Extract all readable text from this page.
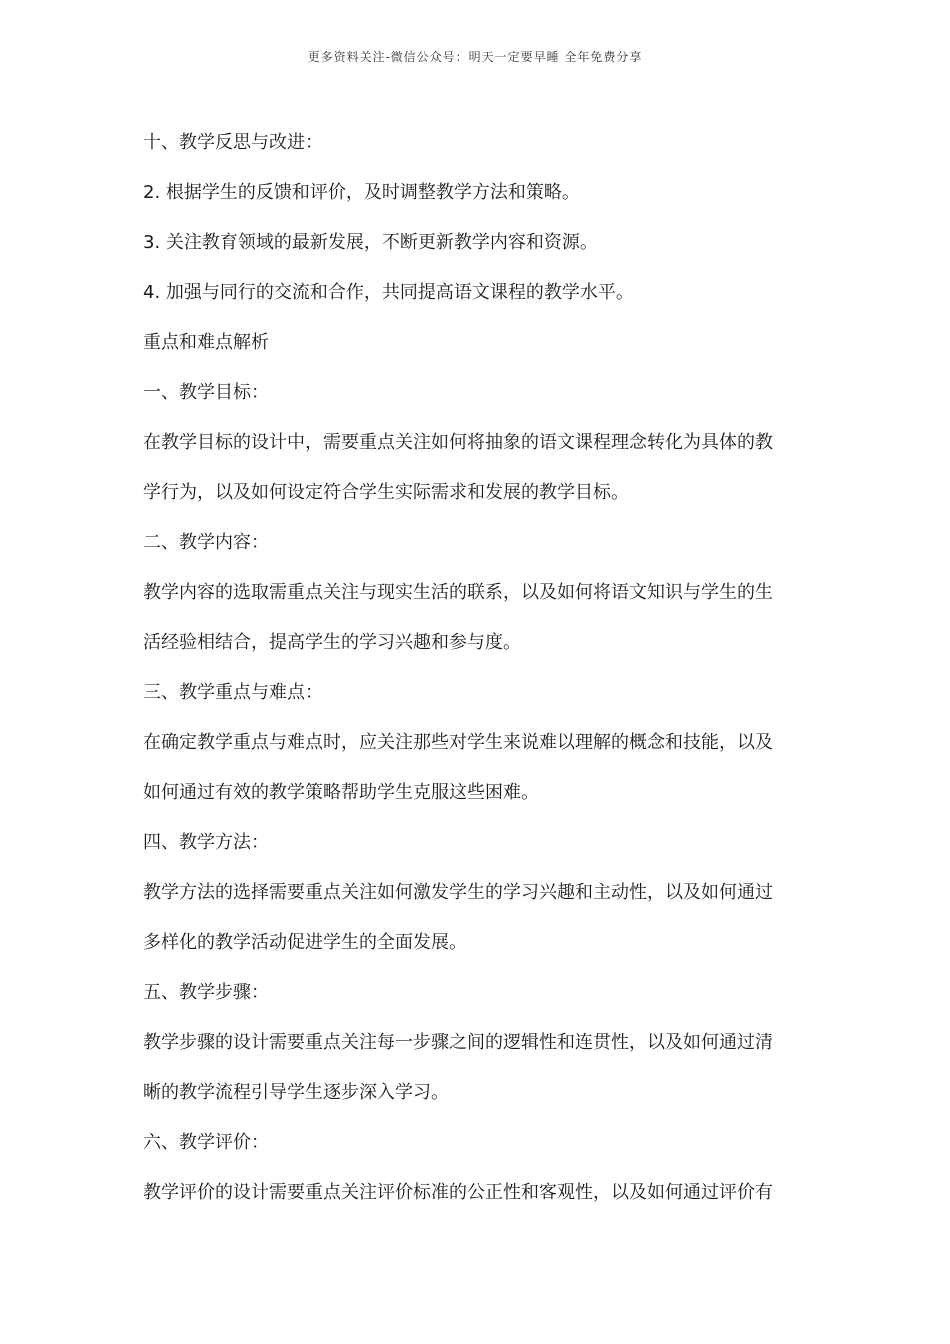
更多资料关注-微信公众号：明天一定要早睡 全年免费分享
十、教学反思与改进：
2. 根据学生的反馈和评价，及时调整教学方法和策略。
3. 关注教育领域的最新发展，不断更新教学内容和资源。
4. 加强与同行的交流和合作，共同提高语文课程的教学水平。
重点和难点解析
一、教学目标：
在教学目标的设计中，需要重点关注如何将抽象的语文课程理念转化为具体的教
学行为，以及如何设定符合学生实际需求和发展的教学目标。
二、教学内容：
教学内容的选取需重点关注与现实生活的联系，以及如何将语文知识与学生的生
活经验相结合，提高学生的学习兴趣和参与度。
三、教学重点与难点：
在确定教学重点与难点时，应关注那些对学生来说难以理解的概念和技能，以及
如何通过有效的教学策略帮助学生克服这些困难。
四、教学方法：
教学方法的选择需要重点关注如何激发学生的学习兴趣和主动性，以及如何通过
多样化的教学活动促进学生的全面发展。
五、教学步骤：
教学步骤的设计需要重点关注每一步骤之间的逻辑性和连贯性，以及如何通过清
晰的教学流程引导学生逐步深入学习。
六、教学评价：
教学评价的设计需要重点关注评价标准的公正性和客观性，以及如何通过评价有
